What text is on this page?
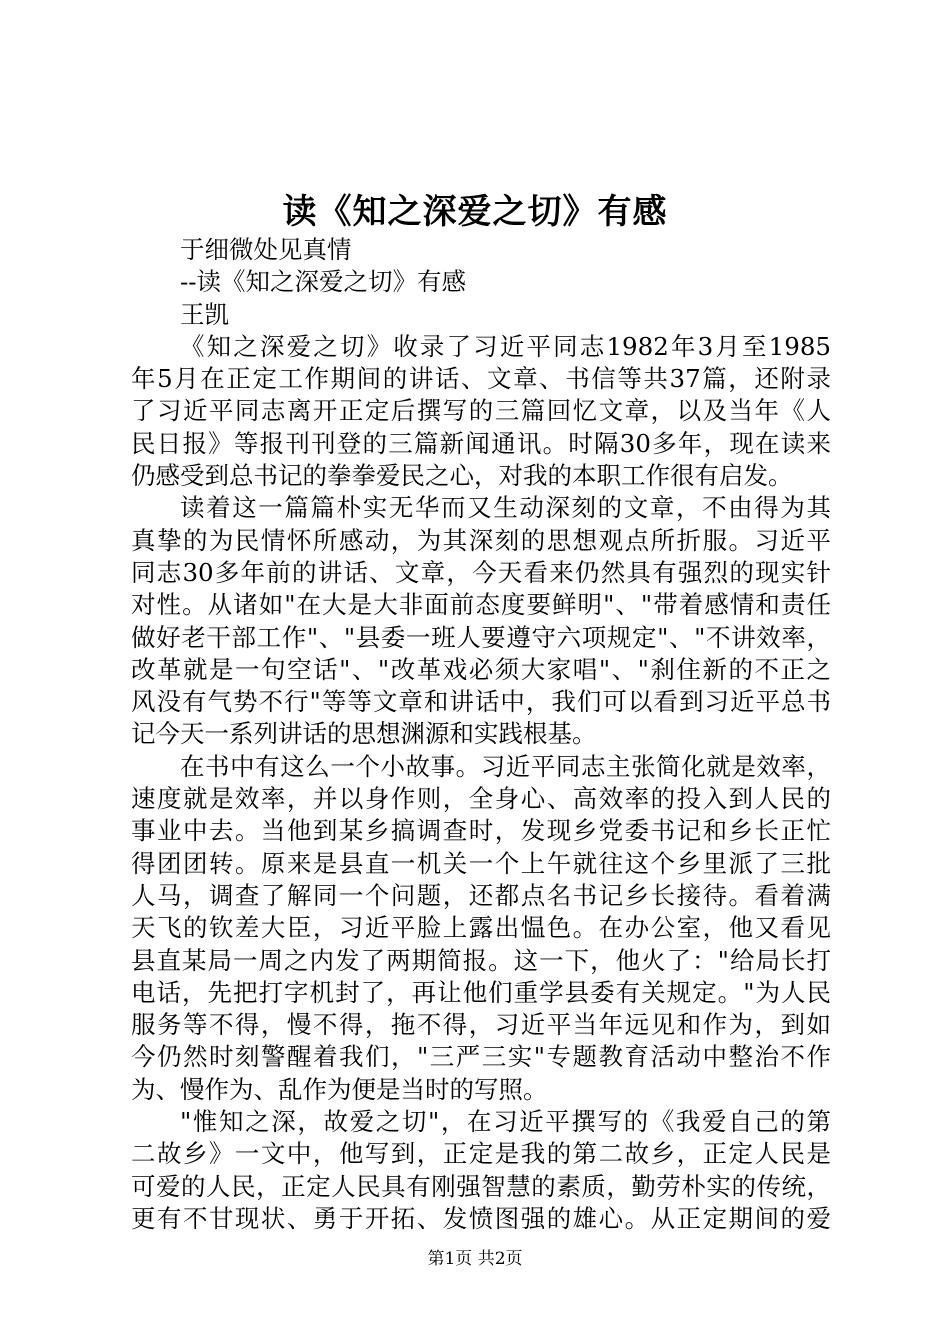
读《知之深爱之切》有感
于细微处见真情
--读《知之深爱之切》有感
王凯
《知之深爱之切》收录了习近平同志1982年3月至1985
年5月在正定工作期间的讲话、文章、书信等共37篇，还附录
了习近平同志离开正定后撰写的三篇回忆文章，以及当年《人
民日报》等报刊刊登的三篇新闻通讯。时隔30多年，现在读来
仍感受到总书记的拳拳爱民之心，对我的本职工作很有启发。
读着这一篇篇朴实无华而又生动深刻的文章，不由得为其
真挚的为民情怀所感动，为其深刻的思想观点所折服。习近平
同志30多年前的讲话、文章，今天看来仍然具有强烈的现实针
对性。从诸如"在大是大非面前态度要鲜明"、"带着感情和责任
做好老干部工作"、"县委一班人要遵守六项规定"、"不讲效率，
改革就是一句空话"、"改革戏必须大家唱"、"刹住新的不正之
风没有气势不行"等等文章和讲话中，我们可以看到习近平总书
记今天一系列讲话的思想渊源和实践根基。
在书中有这么一个小故事。习近平同志主张简化就是效率，
速度就是效率，并以身作则，全身心、高效率的投入到人民的
事业中去。当他到某乡搞调查时，发现乡党委书记和乡长正忙
得团团转。原来是县直一机关一个上午就往这个乡里派了三批
人马，调查了解同一个问题，还都点名书记乡长接待。看着满
天飞的钦差大臣，习近平脸上露出愠色。在办公室，他又看见
县直某局一周之内发了两期简报。这一下，他火了："给局长打
电话，先把打字机封了，再让他们重学县委有关规定。"为人民
服务等不得，慢不得，拖不得，习近平当年远见和作为，到如
今仍然时刻警醒着我们，"三严三实"专题教育活动中整治不作
为、慢作为、乱作为便是当时的写照。
"惟知之深，故爱之切"，在习近平撰写的《我爱自己的第
二故乡》一文中，他写到，正定是我的第二故乡，正定人民是
可爱的人民，正定人民具有刚强智慧的素质，勤劳朴实的传统，
更有不甘现状、勇于开拓、发愤图强的雄心。从正定期间的爱
第1页 共2页
